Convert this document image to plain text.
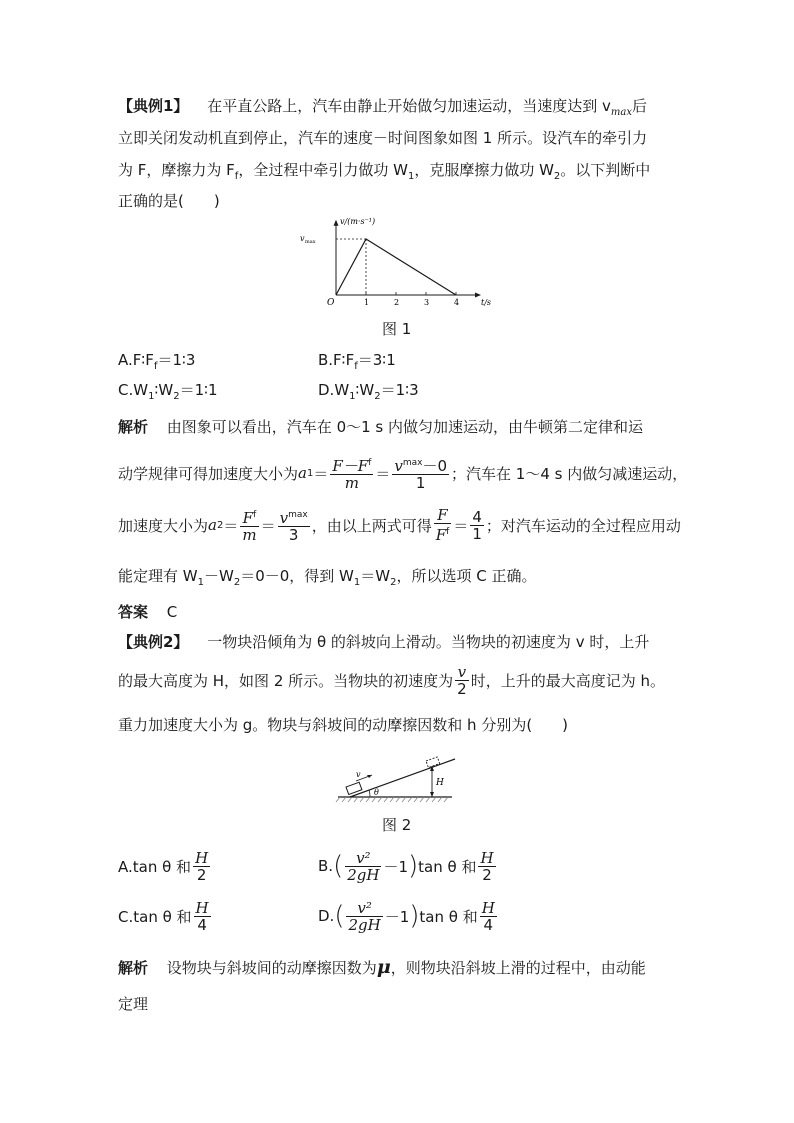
【典例1】 在平直公路上，汽车由静止开始做匀加速运动，当速度达到 $v_{max}$后
立即关闭发动机直到停止，汽车的速度－时间图象如图 1 所示。设汽车的牵引力
为 F，摩擦力为 $F_f$，全过程中牵引力做功 $W_1$，克服摩擦力做功 $W_2$。以下判断中
正确的是(　　)
1	2	3	4
v/(m·s⁻¹)
v max
t/s
O
图 1
$A.F∶F_f=1∶3$	$B.F∶F_f=3∶1$
$C.W_1∶W_2=1∶1$	$D.W_1∶W_2=1∶3$
解析 由图象可以看出，汽车在 0～1 s 内做匀加速运动，由牛顿第二定律和运
动学规律可得加速度大小为 a $1 = \frac{F-F^f}{m} = \frac{v^{max}-0}{1}$ ；汽车在 1～4 s 内做匀减速运动，
加速度大小为 a $2 = \frac{F^f}{m} = \frac{v^{max}}{3}$ ，由以上两式可得 $\frac{F}{F^f} = \frac{4}{1}$ ；对汽车运动的全过程应用动
能定理有 $W_1-W_2=0-0$，得到 $W_1=W_2$，所以选项 C 正确。
答案 C
【典例2】 一物块沿倾角为 θ 的斜坡向上滑动。当物块的初速度为 v 时，上升
的最大高度为 H，如图 2 所示。当物块的初速度为 $\frac{v}{2}$ 时，上升的最大高度记为 h。
重力加速度大小为 g。物块与斜坡间的动摩擦因数和 h 分别为(　　)
v
θ
H
图 2
A.tan θ 和 $\frac{H}{2}$	B. ( $\frac{\text{v²}}{2gH} -1$ ) tan θ 和 $\frac{H}{2}$
C.tan θ 和 $\frac{H}{4}$	D. ( $\frac{\text{v²}}{2gH} -1$ ) tan θ 和 $\frac{H}{4}$
解析 设物块与斜坡间的动摩擦因数为μ，则物块沿斜坡上滑的过程中，由动能
定理
